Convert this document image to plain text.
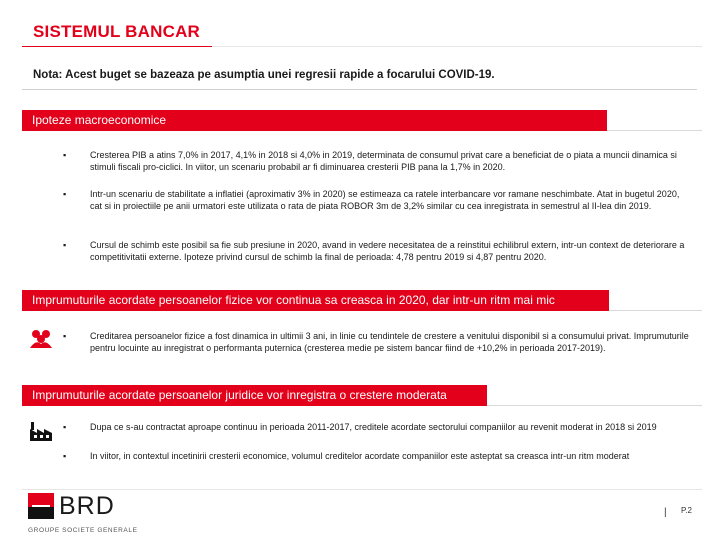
SISTEMUL BANCAR
Nota: Acest buget se bazeaza pe asumptia unei regresii rapide a focarului COVID-19.
Ipoteze macroeconomice
▪	Cresterea PIB a atins 7,0% in 2017, 4,1% in 2018 si 4,0% in 2019, determinata de consumul privat care a beneficiat de o piata a muncii dinamica si stimuli fiscali pro-ciclici. In viitor, un scenariu probabil ar fi diminuarea cresterii PIB pana la 1,7% in 2020.
▪	Intr-un scenariu de stabilitate a inflatiei (aproximativ 3% in 2020) se estimeaza ca ratele interbancare vor ramane neschimbate. Atat in bugetul 2020, cat si in proiectiile pe anii urmatori este utilizata o rata de piata ROBOR 3m de 3,2% similar cu cea inregistrata in semestrul al II-lea din 2019.
▪	Cursul de schimb este posibil sa fie sub presiune in 2020, avand in vedere necesitatea de a reinstitui echilibrul extern, intr-un context de deteriorare a competitivitatii externe. Ipoteze privind cursul de schimb la final de perioada: 4,78 pentru 2019 si 4,87 pentru 2020.
Imprumuturile acordate persoanelor fizice vor continua sa creasca in 2020, dar intr-un ritm mai mic
▪	Creditarea persoanelor fizice a fost dinamica in ultimii 3 ani, in linie cu tendintele de crestere a venitului disponibil si a consumului privat. Imprumuturile pentru locuinte au inregistrat o performanta puternica (cresterea medie pe sistem bancar fiind de +10,2% in perioada 2017-2019).
Imprumuturile acordate persoanelor juridice vor inregistra o crestere moderata
▪	Dupa ce s-au contractat aproape continuu in perioada 2011-2017, creditele acordate sectorului companiilor au revenit moderat in 2018 si 2019
▪	In viitor, in contextul incetinirii cresterii economice, volumul creditelor acordate companiilor este asteptat sa creasca intr-un ritm moderat
BRD
GROUPE SOCIETE GENERALE
| P.2
